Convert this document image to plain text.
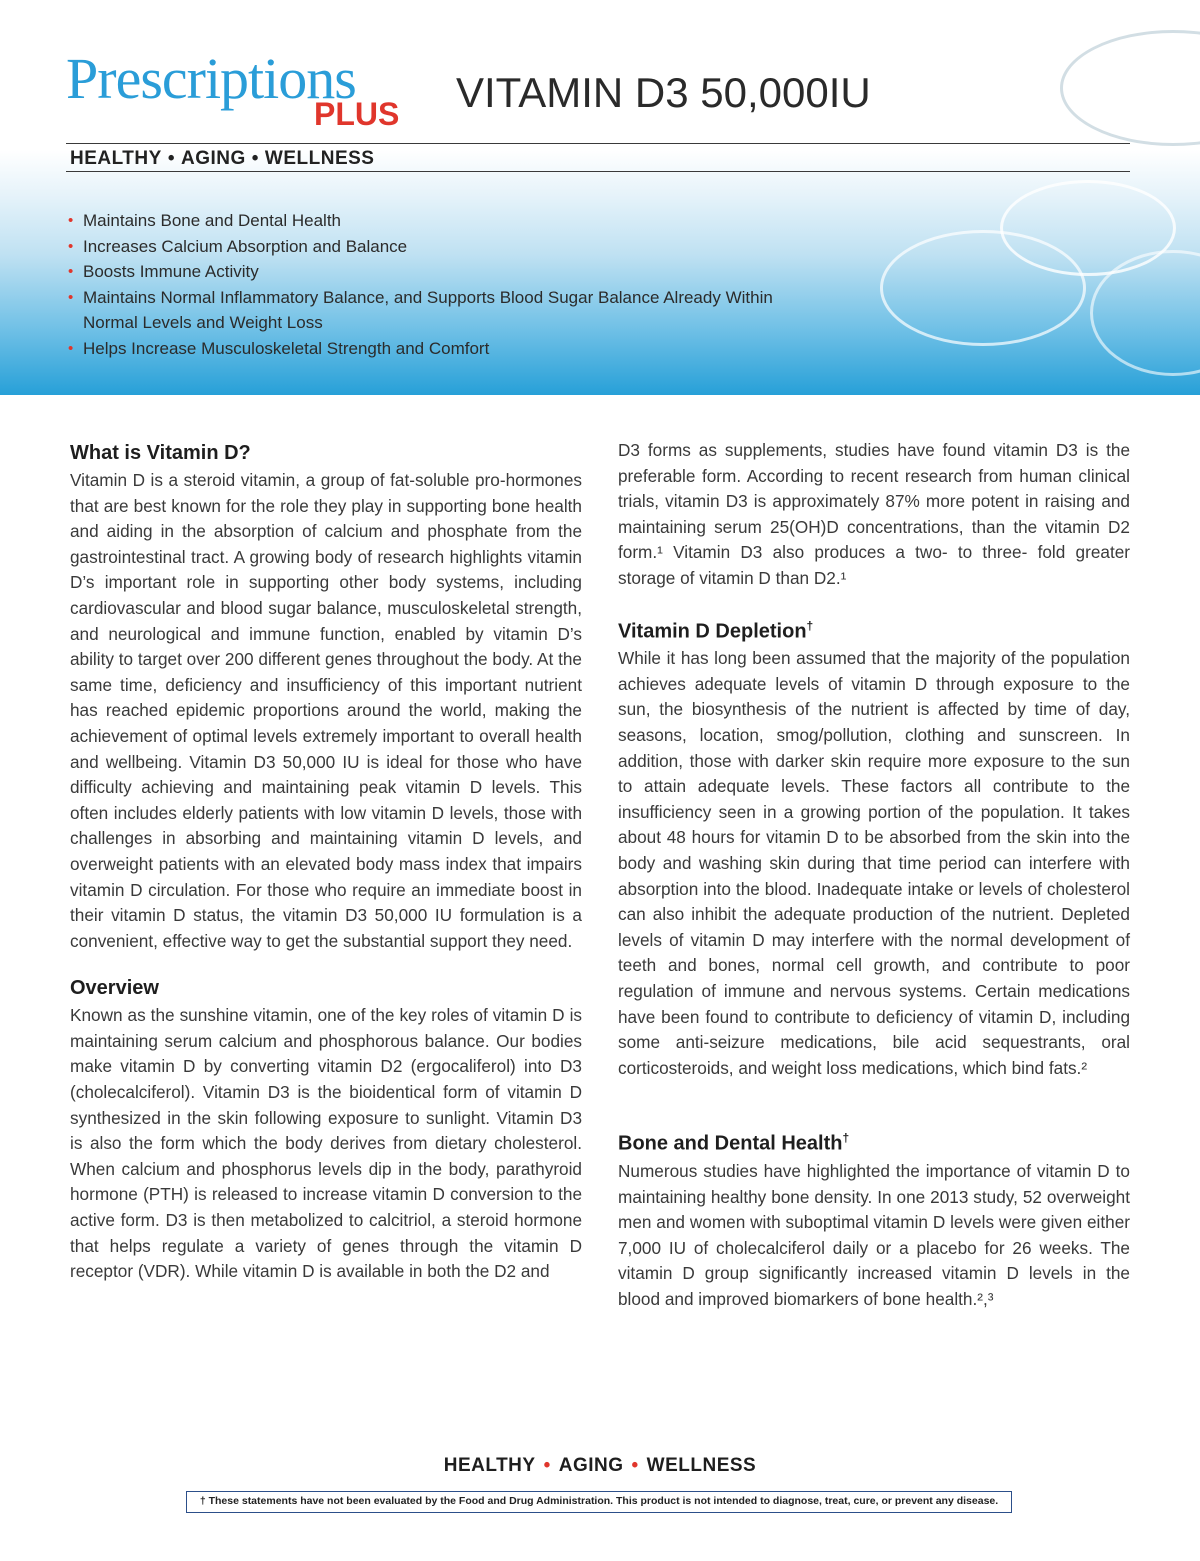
Prescriptions
PLUS VITAMIN D3 50,000IU
HEALTHY • AGING • WELLNESS
• Maintains Bone and Dental Health
• Increases Calcium Absorption and Balance
• Boosts Immune Activity
• Maintains Normal Inflammatory Balance, and Supports Blood Sugar Balance Already Within Normal Levels and Weight Loss
• Helps Increase Musculoskeletal Strength and Comfort
What is Vitamin D?

Vitamin D is a steroid vitamin, a group of fat-soluble pro-hormones that are best known for the role they play in supporting bone health and aiding in the absorption of calcium and phosphate from the gastrointestinal tract. A growing body of research highlights vitamin D’s important role in supporting other body systems, including cardiovascular and blood sugar balance, musculoskeletal strength, and neurological and immune function, enabled by vitamin D’s ability to target over 200 different genes throughout the body. At the same time, deficiency and insufficiency of this important nutrient has reached epidemic proportions around the world, making the achievement of optimal levels extremely important to overall health and wellbeing. Vitamin D3 50,000 IU is ideal for those who have difficulty achieving and maintaining peak vitamin D levels. This often includes elderly patients with low vitamin D levels, those with challenges in absorbing and maintaining vitamin D levels, and overweight patients with an elevated body mass index that impairs vitamin D circulation. For those who require an immediate boost in their vitamin D status, the vitamin D3 50,000 IU formulation is a convenient, effective way to get the substantial support they need.

Overview

Known as the sunshine vitamin, one of the key roles of vitamin D is maintaining serum calcium and phosphorous balance. Our bodies make vitamin D by converting vitamin D2 (ergocaliferol) into D3 (cholecalciferol). Vitamin D3 is the bioidentical form of vitamin D synthesized in the skin following exposure to sunlight. Vitamin D3 is also the form which the body derives from dietary cholesterol. When calcium and phosphorus levels dip in the body, parathyroid hormone (PTH) is released to increase vitamin D conversion to the active form. D3 is then metabolized to calcitriol, a steroid hormone that helps regulate a variety of genes through the vitamin D receptor (VDR). While vitamin D is available in both the D2 and

D3 forms as supplements, studies have found vitamin D3 is the preferable form. According to recent research from human clinical trials, vitamin D3 is approximately 87% more potent in raising and maintaining serum 25(OH)D concentrations, than the vitamin D2 form.¹ Vitamin D3 also produces a two- to three- fold greater storage of vitamin D than D2.¹

Vitamin D Depletion†

While it has long been assumed that the majority of the population achieves adequate levels of vitamin D through exposure to the sun, the biosynthesis of the nutrient is affected by time of day, seasons, location, smog/pollution, clothing and sunscreen. In addition, those with darker skin require more exposure to the sun to attain adequate levels. These factors all contribute to the insufficiency seen in a growing portion of the population. It takes about 48 hours for vitamin D to be absorbed from the skin into the body and washing skin during that time period can interfere with absorption into the blood. Inadequate intake or levels of cholesterol can also inhibit the adequate production of the nutrient. Depleted levels of vitamin D may interfere with the normal development of teeth and bones, normal cell growth, and contribute to poor regulation of immune and nervous systems. Certain medications have been found to contribute to deficiency of vitamin D, including some anti-seizure medications, bile acid sequestrants, oral corticosteroids, and weight loss medications, which bind fats.²

Bone and Dental Health†

Numerous studies have highlighted the importance of vitamin D to maintaining healthy bone density. In one 2013 study, 52 overweight men and women with suboptimal vitamin D levels were given either 7,000 IU of cholecalciferol daily or a placebo for 26 weeks. The vitamin D group significantly increased vitamin D levels in the blood and improved biomarkers of bone health.²,³

HEALTHY • AGING • WELLNESS
† These statements have not been evaluated by the Food and Drug Administration. This product is not intended to diagnose, treat, cure, or prevent any disease.
